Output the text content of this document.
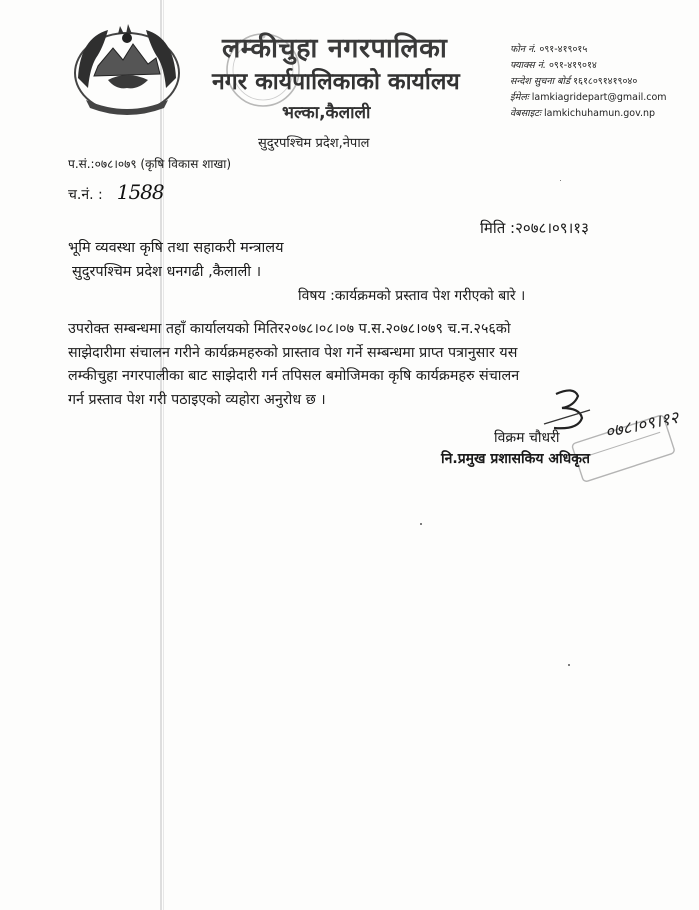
लम्कीचुहा नगरपालिका
नगर कार्यपालिकाको कार्यालय
भल्का,कैलाली
सुदुरपश्चिम प्रदेश,नेपाल
फोन नं. ०९१-४१९०१५
फ्याक्स नं. ०९१-४१९०१४
सन्देश सुचना बोर्ड १६१८०९१४१९०४०
ईमेलः lamkiagridepart@gmail.com
वेबसाइटः lamkichuhamun.gov.np
प.सं.:०७८।०७९ (कृषि विकास शाखा)
च.नं. : 1588
मिति :२०७८।०९।१३
भूमि व्यवस्था कृषि तथा सहाकरी मन्त्रालय
सुदुरपश्चिम प्रदेश धनगढी ,कैलाली ।
विषय :कार्यक्रमको प्रस्ताव पेश गरीएको बारे ।
उपरोक्त सम्बन्धमा तहाँ कार्यालयको मितिर२०७८।०८।०७ प.स.२०७८।०७९ च.न.२५६को
साझेदारीमा संचालन गरीने कार्यक्रमहरुको प्रास्ताव पेश गर्ने सम्बन्धमा प्राप्त पत्रानुसार यस
लम्कीचुहा नगरपालीका बाट साझेदारी गर्न तपिसल बमोजिमका कृषि कार्यक्रमहरु संचालन
गर्न प्रस्ताव पेश गरी पठाइएको व्यहोरा अनुरोध छ ।
०७८।०९।१२
विक्रम चौधरी
नि.प्रमुख प्रशासकिय अधिकृत
